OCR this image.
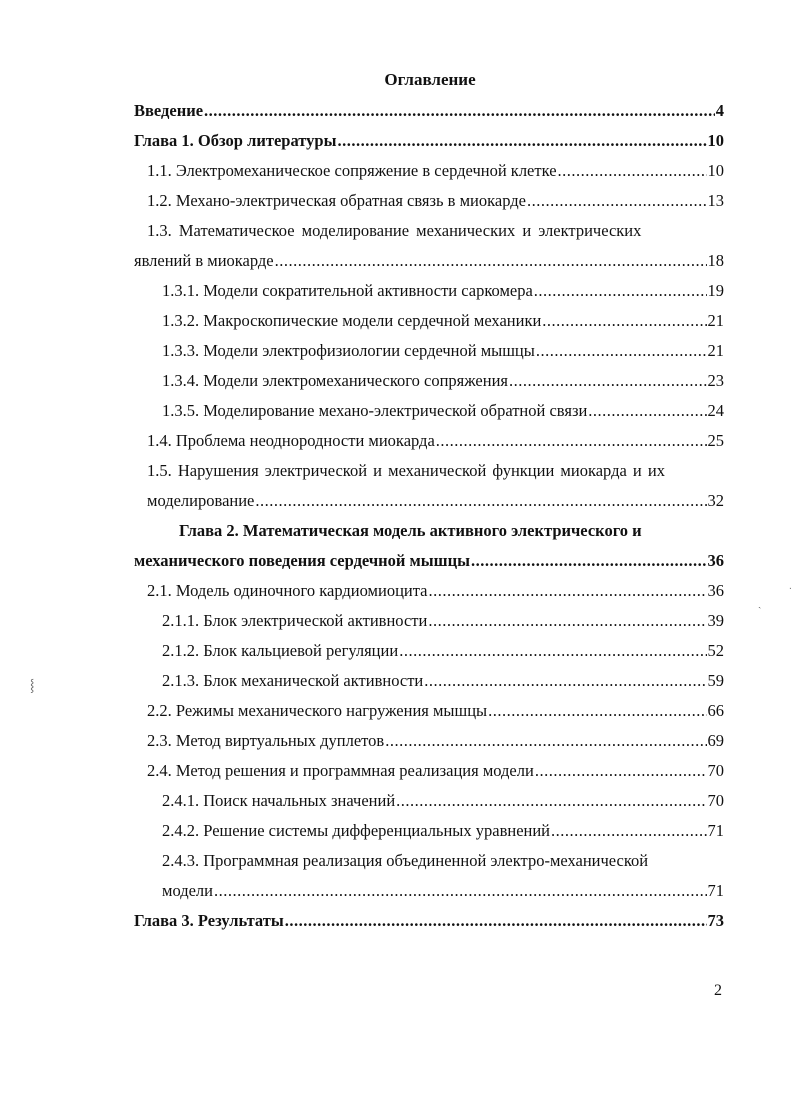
Оглавление
Введение .....	4
Глава 1. Обзор литературы .....	10
1.1. Электромеханическое сопряжение в сердечной клетке .....	10
1.2. Механо-электрическая обратная связь в миокарде .....	13
1.3. Математическое моделирование механических и электрических
явлений в миокарде .....	18
1.3.1. Модели сократительной активности саркомера .....	19
1.3.2. Макроскопические модели сердечной механики .....	21
1.3.3. Модели электрофизиологии сердечной мышцы .....	21
1.3.4. Модели электромеханического сопряжения .....	23
1.3.5. Моделирование механо-электрической обратной связи .....	24
1.4. Проблема неоднородности миокарда .....	25
1.5. Нарушения электрической и механической функции миокарда и их
моделирование .....	32
Глава 2. Математическая модель активного электрического и
механического поведения сердечной мышцы .....	36
2.1. Модель одиночного кардиомиоцита .....	36
2.1.1. Блок электрической активности .....	39
2.1.2. Блок кальциевой регуляции .....	52
2.1.3. Блок механической активности .....	59
2.2. Режимы механического нагружения мышцы .....	66
2.3. Метод виртуальных дуплетов .....	69
2.4. Метод решения и программная реализация модели .....	70
2.4.1. Поиск начальных значений .....	70
2.4.2. Решение системы дифференциальных уравнений .....	71
2.4.3. Программная реализация объединенной электро-механической
модели .....	71
Глава 3. Результаты .....	73
2
⸾
ˏ
ˑ
